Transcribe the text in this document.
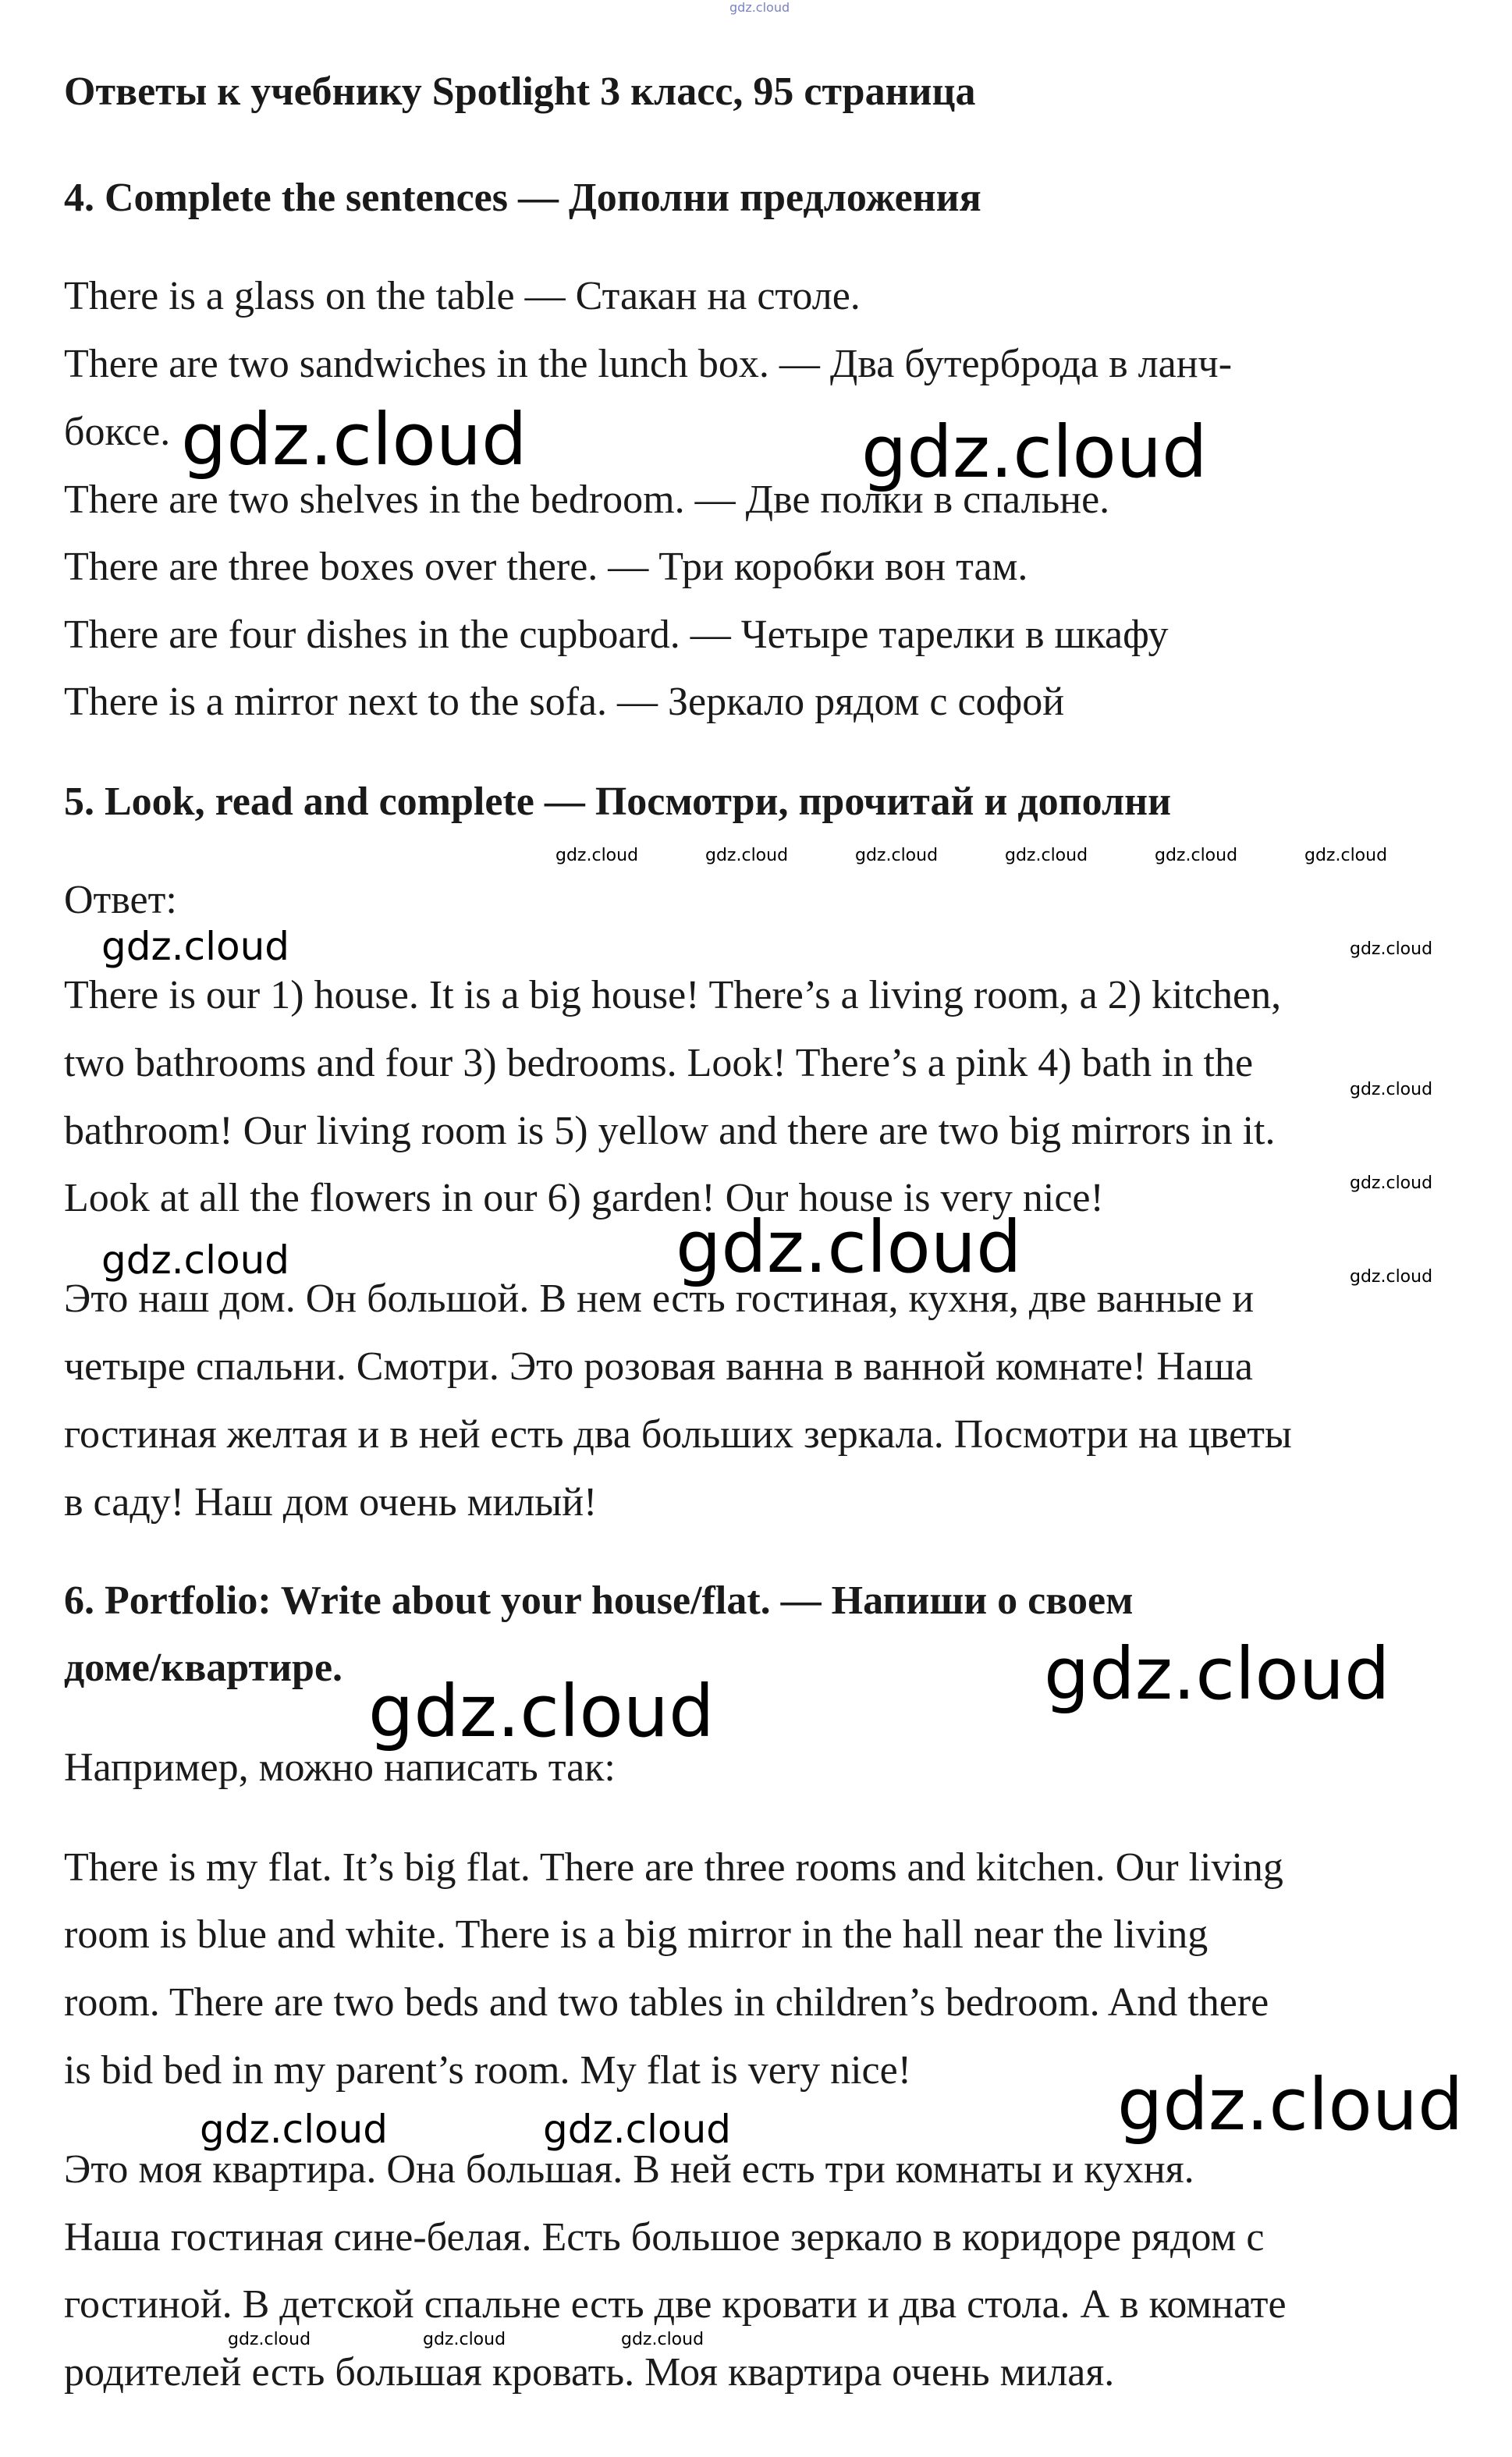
gdz.cloud

Ответы к учебнику Spotlight 3 класс, 95 страница

4. Complete the sentences — Дополни предложения

There is a glass on the table — Стакан на столе.

There are two sandwiches in the lunch box. — Два бутерброда в ланч-

боксе.

There are two shelves in the bedroom. — Две полки в спальне.

There are three boxes over there. — Три коробки вон там.

There are four dishes in the cupboard. — Четыре тарелки в шкафу

There is a mirror next to the sofa. — Зеркало рядом с софой

5. Look, read and complete — Посмотри, прочитай и дополни

Ответ:

There is our 1) house. It is a big house! There’s a living room, a 2) kitchen,

two bathrooms and four 3) bedrooms. Look! There’s a pink 4) bath in the

bathroom! Our living room is 5) yellow and there are two big mirrors in it.

Look at all the flowers in our 6) garden! Our house is very nice!

Это наш дом. Он большой. В нем есть гостиная, кухня, две ванные и

четыре спальни. Смотри. Это розовая ванна в ванной комнате! Наша

гостиная желтая и в ней есть два больших зеркала. Посмотри на цветы

в саду! Наш дом очень милый!

6. Portfolio: Write about your house/flat. — Напиши о своем

доме/квартире.

Например, можно написать так:

There is my flat. It’s big flat. There are three rooms and kitchen. Our living

room is blue and white. There is a big mirror in the hall near the living

room. There are two beds and two tables in children’s bedroom. And there

is bid bed in my parent’s room. My flat is very nice!

Это моя квартира. Она большая. В ней есть три комнаты и кухня.

Наша гостиная сине-белая. Есть большое зеркало в коридоре рядом с

гостиной. В детской спальне есть две кровати и два стола. А в комнате

родителей есть большая кровать. Моя квартира очень милая.

gdz.cloud	gdz.cloud
gdz.cloud
gdz.cloud
gdz.cloud
gdz.cloud
gdz.cloud
gdz.cloud
gdz.cloud	gdz.cloud
gdz.cloud	gdz.cloud	gdz.cloud	gdz.cloud	gdz.cloud	gdz.cloud
gdz.cloud
gdz.cloud
gdz.cloud
gdz.cloud
gdz.cloud	gdz.cloud	gdz.cloud
